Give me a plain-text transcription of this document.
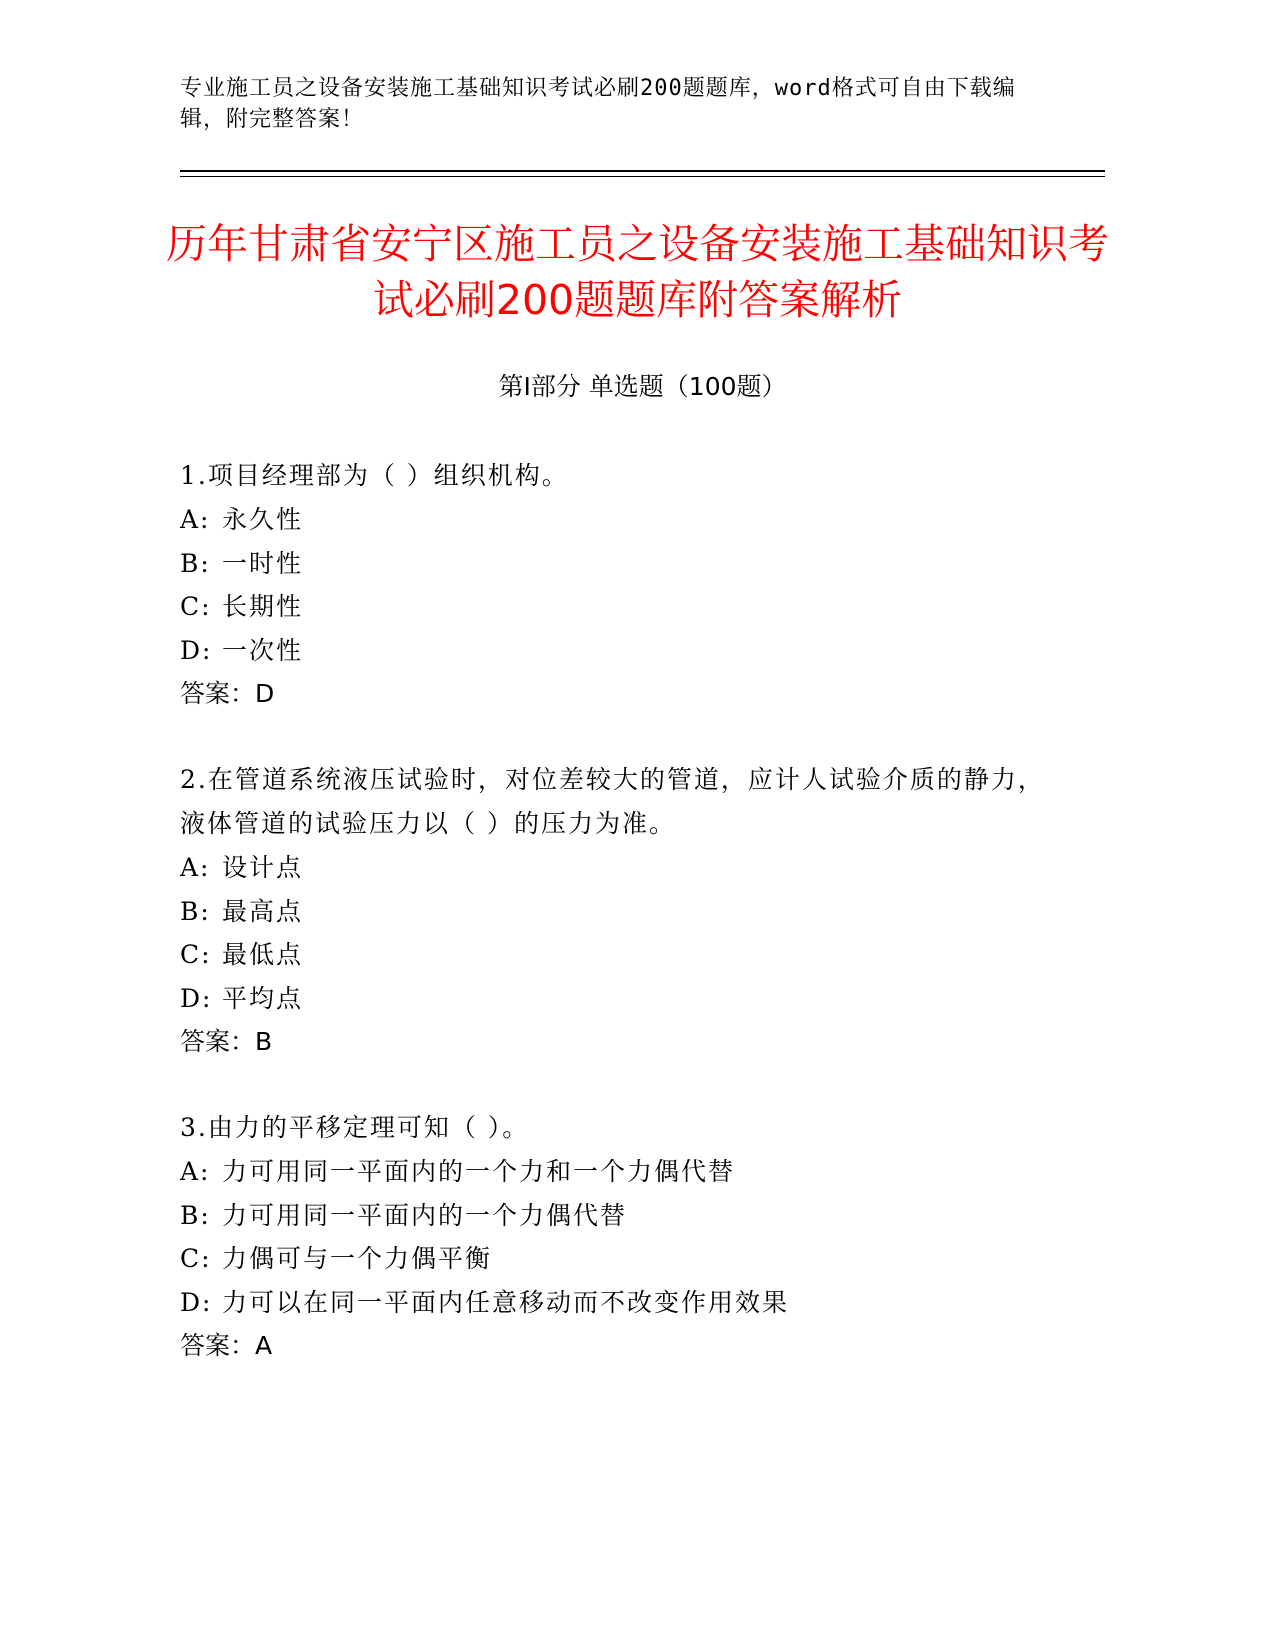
专业施工员之设备安装施工基础知识考试必刷200题题库，word格式可自由下载编辑，附完整答案！
历年甘肃省安宁区施工员之设备安装施工基础知识考试必刷200题题库附答案解析
第Ⅰ部分 单选题（100题）
1.项目经理部为（ ）组织机构。
A: 永久性
B: 一时性
C: 长期性
D: 一次性
答案：D
2.在管道系统液压试验时，对位差较大的管道，应计人试验介质的静力，液体管道的试验压力以（ ）的压力为准。
A: 设计点
B: 最高点
C: 最低点
D: 平均点
答案：B
3.由力的平移定理可知（ ）。
A: 力可用同一平面内的一个力和一个力偶代替
B: 力可用同一平面内的一个力偶代替
C: 力偶可与一个力偶平衡
D: 力可以在同一平面内任意移动而不改变作用效果
答案：A
